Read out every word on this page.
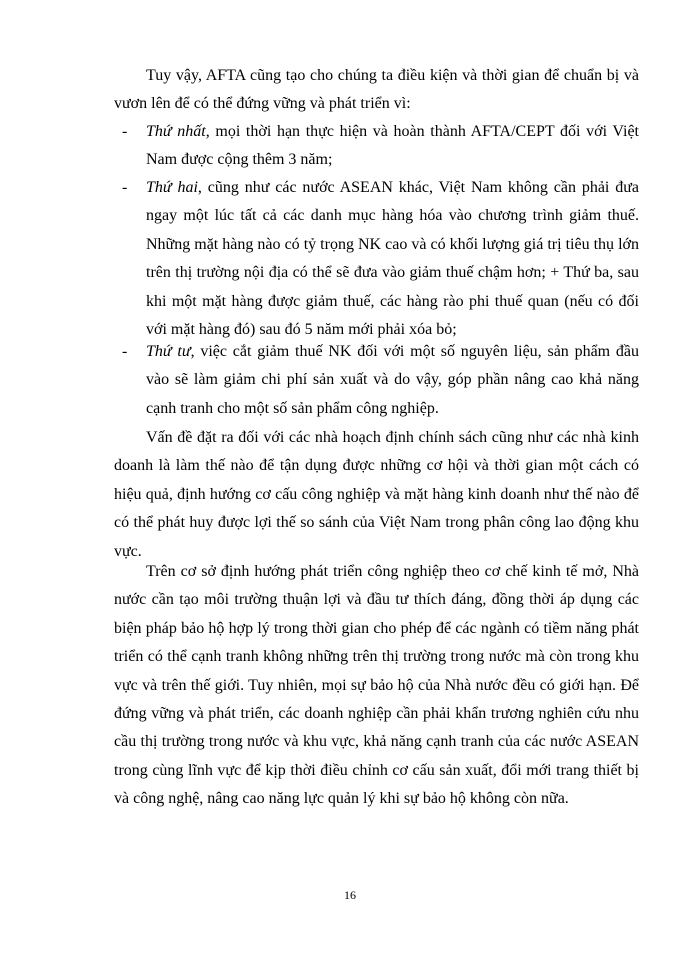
Tuy vậy, AFTA cũng tạo cho chúng ta điều kiện và thời gian để chuẩn bị và vươn lên để có thể đứng vững và phát triển vì:

- Thứ nhất, mọi thời hạn thực hiện và hoàn thành AFTA/CEPT đối với Việt Nam được cộng thêm 3 năm;

- Thứ hai, cũng như các nước ASEAN khác, Việt Nam không cần phải đưa ngay một lúc tất cả các danh mục hàng hóa vào chương trình giảm thuế. Những mặt hàng nào có tỷ trọng NK cao và có khối lượng giá trị tiêu thụ lớn trên thị trường nội địa có thể sẽ đưa vào giảm thuế chậm hơn; + Thứ ba, sau khi một mặt hàng được giảm thuế, các hàng rào phi thuế quan (nếu có đối với mặt hàng đó) sau đó 5 năm mới phải xóa bỏ;

- Thứ tư, việc cắt giảm thuế NK đối với một số nguyên liệu, sản phẩm đầu vào sẽ làm giảm chi phí sản xuất và do vậy, góp phần nâng cao khả năng cạnh tranh cho một số sản phẩm công nghiệp.

Vấn đề đặt ra đối với các nhà hoạch định chính sách cũng như các nhà kinh doanh là làm thế nào để tận dụng được những cơ hội và thời gian một cách có hiệu quả, định hướng cơ cấu công nghiệp và mặt hàng kinh doanh như thế nào để có thể phát huy được lợi thế so sánh của Việt Nam trong phân công lao động khu vực.

Trên cơ sở định hướng phát triển công nghiệp theo cơ chế kinh tế mở, Nhà nước cần tạo môi trường thuận lợi và đầu tư thích đáng, đồng thời áp dụng các biện pháp bảo hộ hợp lý trong thời gian cho phép để các ngành có tiềm năng phát triển có thể cạnh tranh không những trên thị trường trong nước mà còn trong khu vực và trên thế giới. Tuy nhiên, mọi sự bảo hộ của Nhà nước đều có giới hạn. Để đứng vững và phát triển, các doanh nghiệp cần phải khẩn trương nghiên cứu nhu cầu thị trường trong nước và khu vực, khả năng cạnh tranh của các nước ASEAN trong cùng lĩnh vực để kịp thời điều chỉnh cơ cấu sản xuất, đổi mới trang thiết bị và công nghệ, nâng cao năng lực quản lý khi sự bảo hộ không còn nữa.

16
